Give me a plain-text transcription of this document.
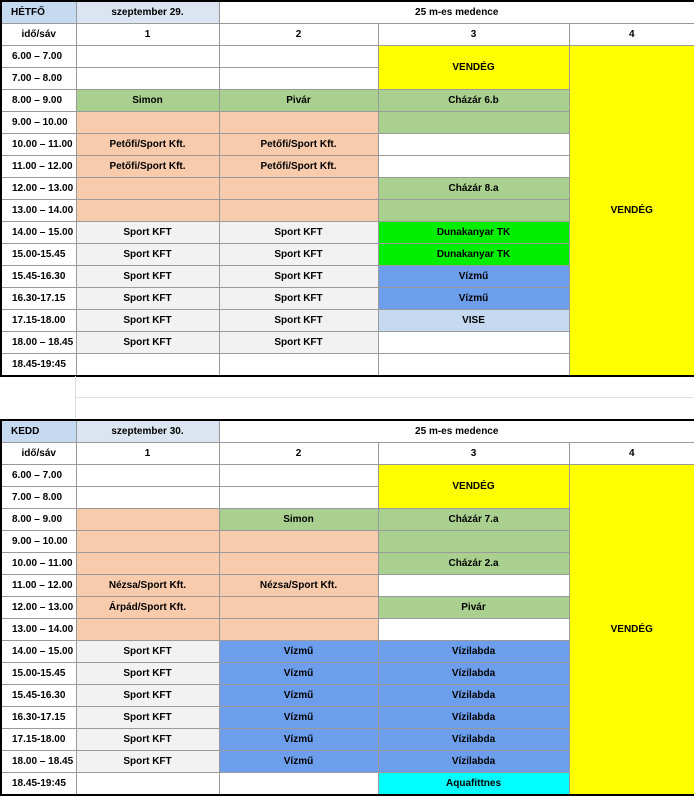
HÉTFŐ	szeptember 29.	25 m-es medence		
idő/sáv	1	2	3	4
6.00 – 7.00			VENDÉG	VENDÉG
7.00 – 8.00				
8.00 – 9.00	Simon	Pivár	Cházár 6.b	
9.00 – 10.00				
10.00 – 11.00	Petőfi/Sport Kft.	Petőfi/Sport Kft.		
11.00 – 12.00	Petőfi/Sport Kft.	Petőfi/Sport Kft.		
12.00 – 13.00			Cházár 8.a	
13.00 – 14.00				
14.00 – 15.00	Sport KFT	Sport KFT	Dunakanyar TK	
15.00-15.45	Sport KFT	Sport KFT	Dunakanyar TK	
15.45-16.30	Sport KFT	Sport KFT	Vízmű	
16.30-17.15	Sport KFT	Sport KFT	Vízmű	
17.15-18.00	Sport KFT	Sport KFT	VISE	
18.00 – 18.45	Sport KFT	Sport KFT		
18.45-19:45				
KEDD	szeptember 30.	25 m-es medence		
idő/sáv	1	2	3	4
6.00 – 7.00			VENDÉG	VENDÉG
7.00 – 8.00				
8.00 – 9.00		Simon	Cházár 7.a	
9.00 – 10.00				
10.00 – 11.00			Cházár 2.a	
11.00 – 12.00	Nézsa/Sport Kft.	Nézsa/Sport Kft.		
12.00 – 13.00	Árpád/Sport Kft.		Pivár	
13.00 – 14.00				
14.00 – 15.00	Sport KFT	Vízmű	Vízilabda	
15.00-15.45	Sport KFT	Vízmű	Vízilabda	
15.45-16.30	Sport KFT	Vízmű	Vízilabda	
16.30-17.15	Sport KFT	Vízmű	Vízilabda	
17.15-18.00	Sport KFT	Vízmű	Vízilabda	
18.00 – 18.45	Sport KFT	Vízmű	Vízilabda	
18.45-19:45			Aquafittnes	
